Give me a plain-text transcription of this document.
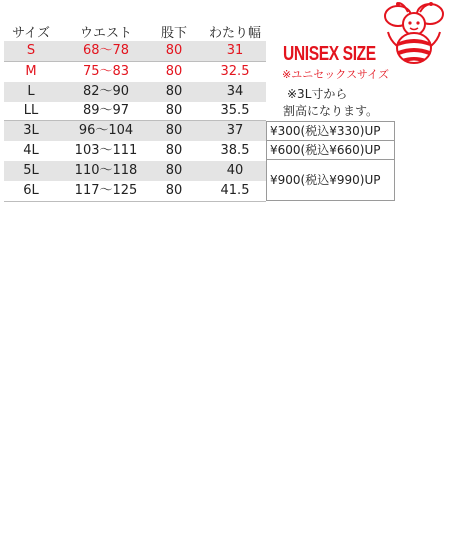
サイズ	ウエスト	股下	わたり幅
S	68〜78	80	31
M	75〜83	80	32.5
L	82〜90	80	34
LL	89〜97	80	35.5
3L	96〜104	80	37
4L	103〜111	80	38.5
5L	110〜118	80	40
6L	117〜125	80	41.5
UNISEX SIZE
※ユニセックスサイズ
※3L寸から
割高になります。
¥300(税込¥330)UP
¥600(税込¥660)UP
¥900(税込¥990)UP
